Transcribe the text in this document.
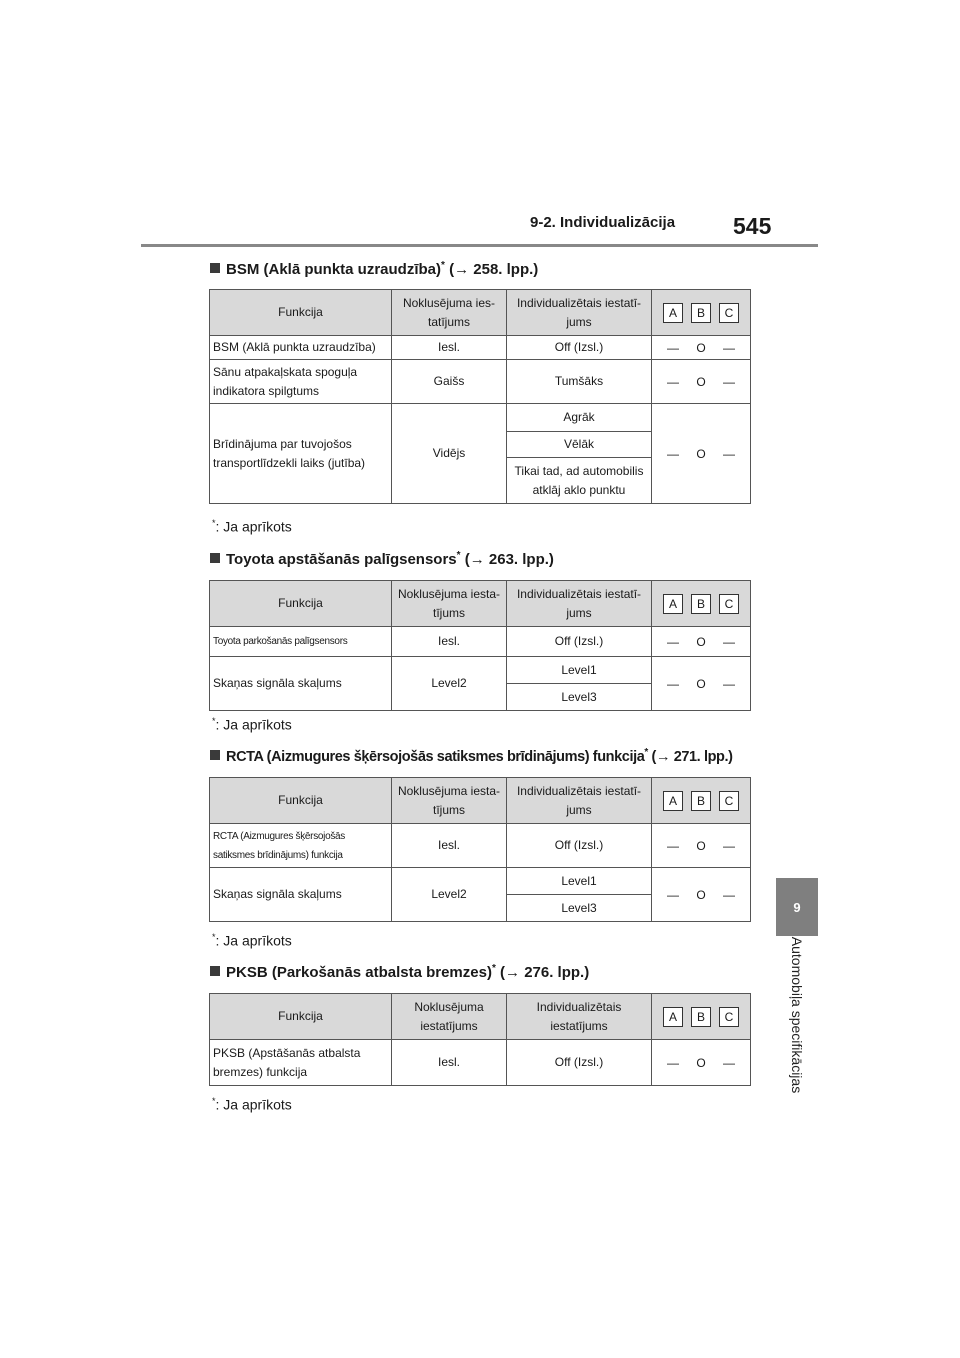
9-2. Individualizācija	545
9
Automobiļa specifikācijas
BSM (Aklā punkta uzraudzība)* (→ 258. lpp.)
Funkcija	Noklusējuma ies-tatījums	Individualizētais iestatī-jums	A B C

BSM (Aklā punkta uzraudzība)	Iesl.	Off (Izsl.)	— O —

Sānu atpakaļskata spoguļa indikatora spilgtums	Gaišs	Tumšāks	— O —

Brīdinājuma par tuvojošos transportlīdzekli laiks (jutība)	Vidējs	Agrāk	— O —

		Vēlāk	
		Tikai tad, ad automobilis atklāj aklo punktu	
*: Ja aprīkots
Toyota apstāšanās palīgsensors* (→ 263. lpp.)
Funkcija	Noklusējuma iesta-tījums	Individualizētais iestatī-jums	A B C

Toyota parkošanās palīgsensors	Iesl.	Off (Izsl.)	— O —

Skaņas signāla skaļums	Level2	Level1	— O —

		Level3	
*: Ja aprīkots
RCTA (Aizmugures šķērsojošās satiksmes brīdinājums) funkcija* (→ 271. lpp.)
Funkcija	Noklusējuma iesta-tījums	Individualizētais iestatī-jums	A B C

RCTA (Aizmugures šķērsojošās satiksmes brīdinājums) funkcija	Iesl.	Off (Izsl.)	— O —

Skaņas signāla skaļums	Level2	Level1	— O —

		Level3	
*: Ja aprīkots
PKSB (Parkošanās atbalsta bremzes)* (→ 276. lpp.)
Funkcija	Noklusējuma iestatījums	Individualizētais iestatījums	A B C

PKSB (Apstāšanās atbalsta bremzes) funkcija	Iesl.	Off (Izsl.)	— O —
*: Ja aprīkots
